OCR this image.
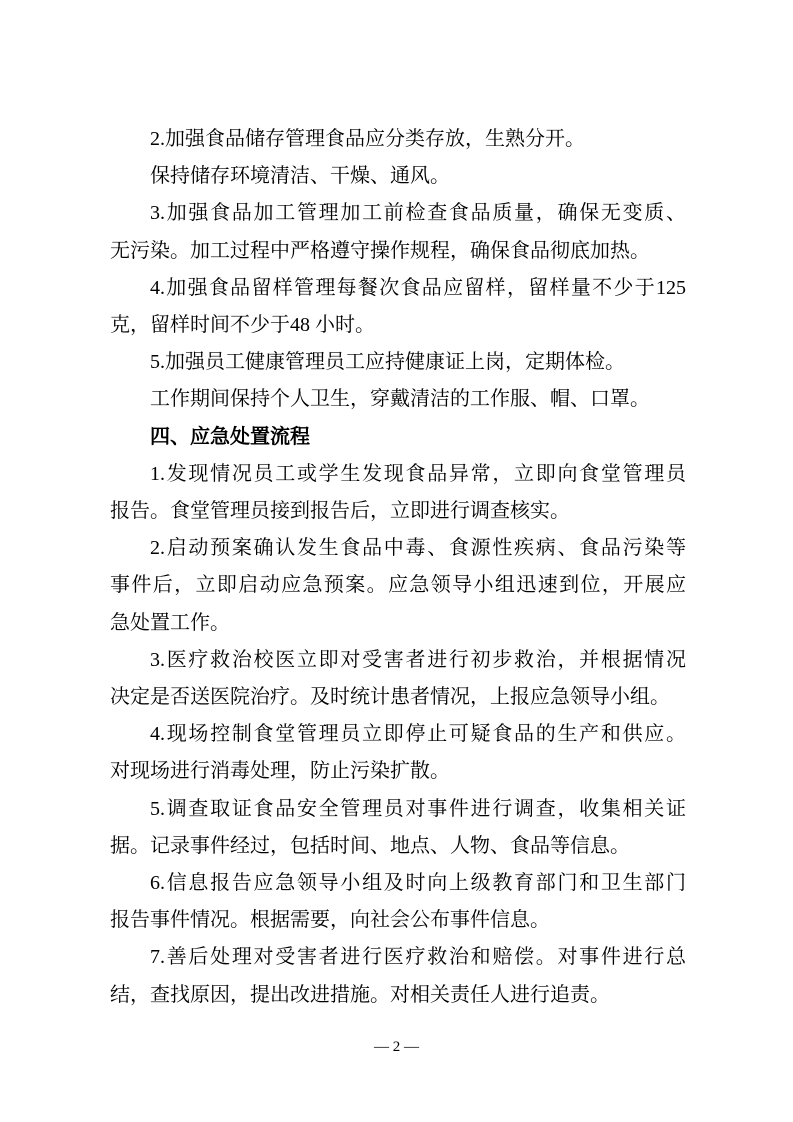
2.加强食品储存管理食品应分类存放，生熟分开。
保持储存环境清洁、干燥、通风。
3.加强食品加工管理加工前检查食品质量，确保无变质、
无污染。加工过程中严格遵守操作规程，确保食品彻底加热。
4.加强食品留样管理每餐次食品应留样，留样量不少于125
克，留样时间不少于48 小时。
5.加强员工健康管理员工应持健康证上岗，定期体检。
工作期间保持个人卫生，穿戴清洁的工作服、帽、口罩。
四、应急处置流程
1.发现情况员工或学生发现食品异常，立即向食堂管理员
报告。食堂管理员接到报告后，立即进行调查核实。
2.启动预案确认发生食品中毒、食源性疾病、食品污染等
事件后，立即启动应急预案。应急领导小组迅速到位，开展应
急处置工作。
3.医疗救治校医立即对受害者进行初步救治，并根据情况
决定是否送医院治疗。及时统计患者情况，上报应急领导小组。
4.现场控制食堂管理员立即停止可疑食品的生产和供应。
对现场进行消毒处理，防止污染扩散。
5.调查取证食品安全管理员对事件进行调查，收集相关证
据。记录事件经过，包括时间、地点、人物、食品等信息。
6.信息报告应急领导小组及时向上级教育部门和卫生部门
报告事件情况。根据需要，向社会公布事件信息。
7.善后处理对受害者进行医疗救治和赔偿。对事件进行总
结，查找原因，提出改进措施。对相关责任人进行追责。
— 2 —
